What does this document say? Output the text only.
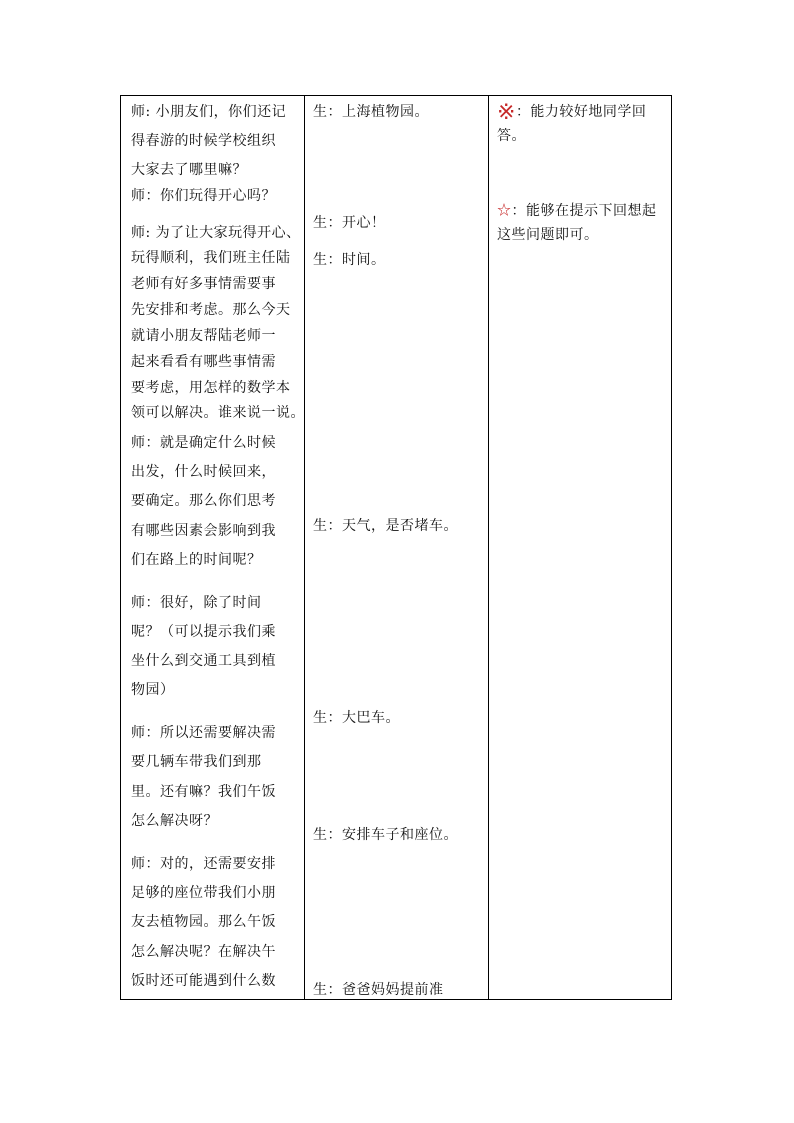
师: 小朋友们，你们还记
得春游的时候学校组织
大家去了哪里嘛？
师：你们玩得开心吗？
师: 为了让大家玩得开心、
玩得顺利，我们班主任陆
老师有好多事情需要事
先安排和考虑。那么今天
就请小朋友帮陆老师一
起来看看有哪些事情需
要考虑，用怎样的数学本
领可以解决。谁来说一说。
师：就是确定什么时候
出发，什么时候回来，
要确定。那么你们思考
有哪些因素会影响到我
们在路上的时间呢？
师：很好，除了时间
呢？（可以提示我们乘
坐什么到交通工具到植
物园）
师：所以还需要解决需
要几辆车带我们到那
里。还有嘛？我们午饭
怎么解决呀？
师：对的，还需要安排
足够的座位带我们小朋
友去植物园。那么午饭
怎么解决呢？在解决午
饭时还可能遇到什么数
生：上海植物园。
生：开心！
生：时间。
生：天气，是否堵车。
生：大巴车。
生：安排车子和座位。
生：爸爸妈妈提前准
※：能力较好地同学回
答。
☆：能够在提示下回想起
这些问题即可。
